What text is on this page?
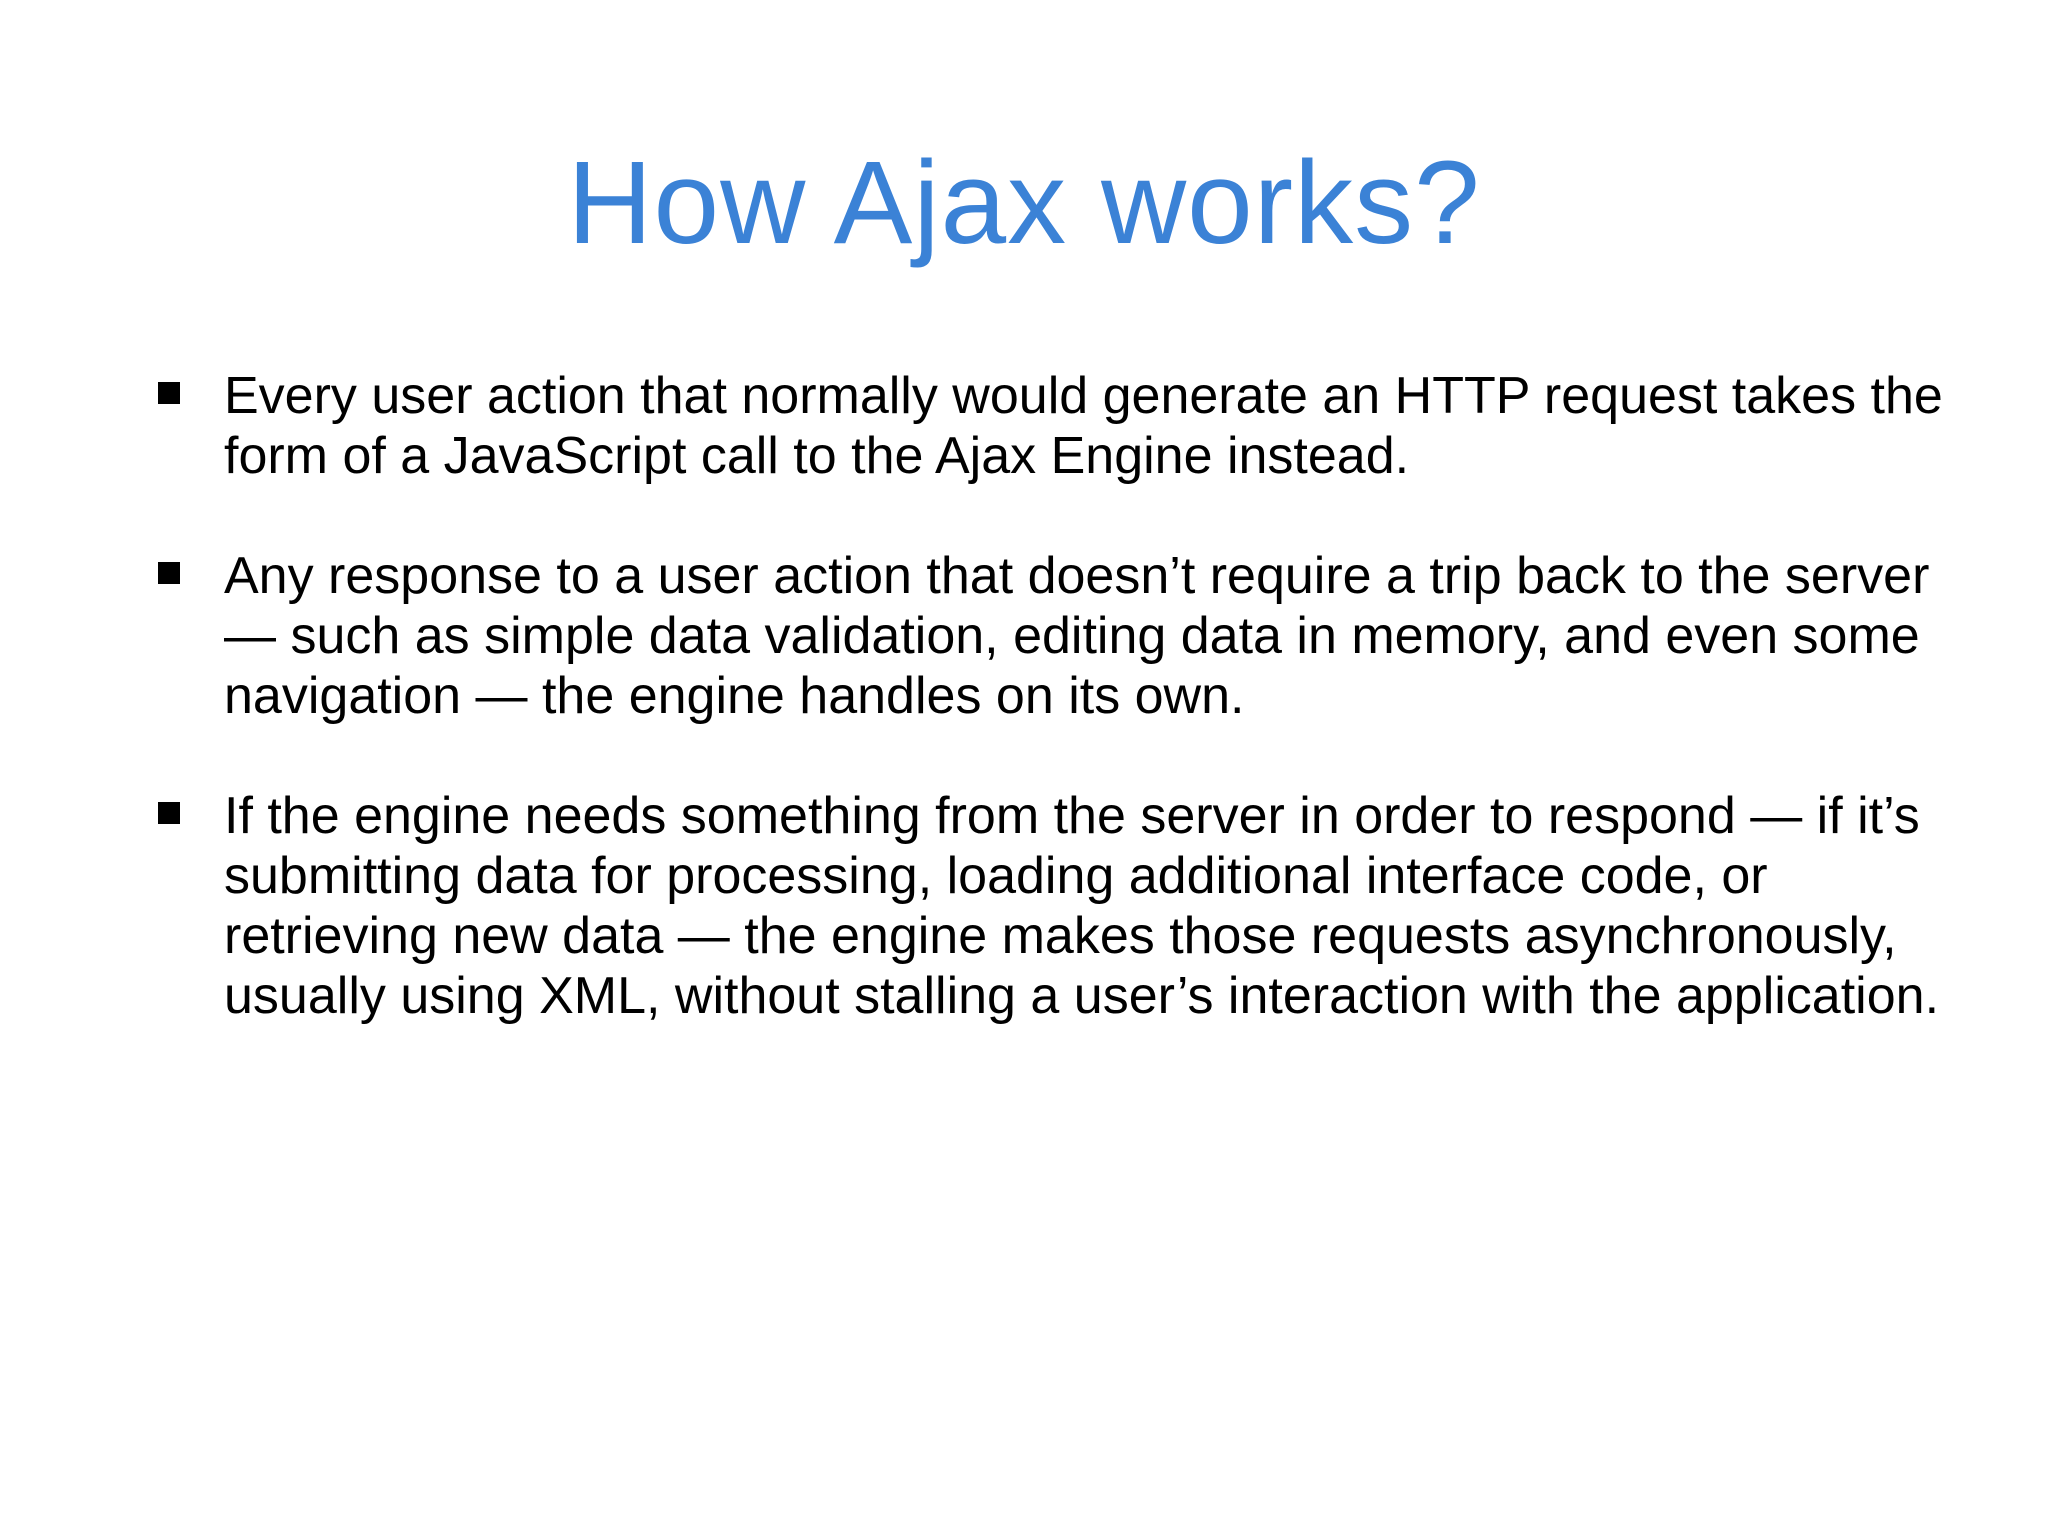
How Ajax works?
Every user action that normally would generate an HTTP request takes the form of a JavaScript call to the Ajax Engine instead.
Any response to a user action that doesn’t require a trip back to the server — such as simple data validation, editing data in memory, and even some navigation — the engine handles on its own.
If the engine needs something from the server in order to respond — if it’s submitting data for processing, loading additional interface code, or retrieving new data — the engine makes those requests asynchronously, usually using XML, without stalling a user’s interaction with the application.
